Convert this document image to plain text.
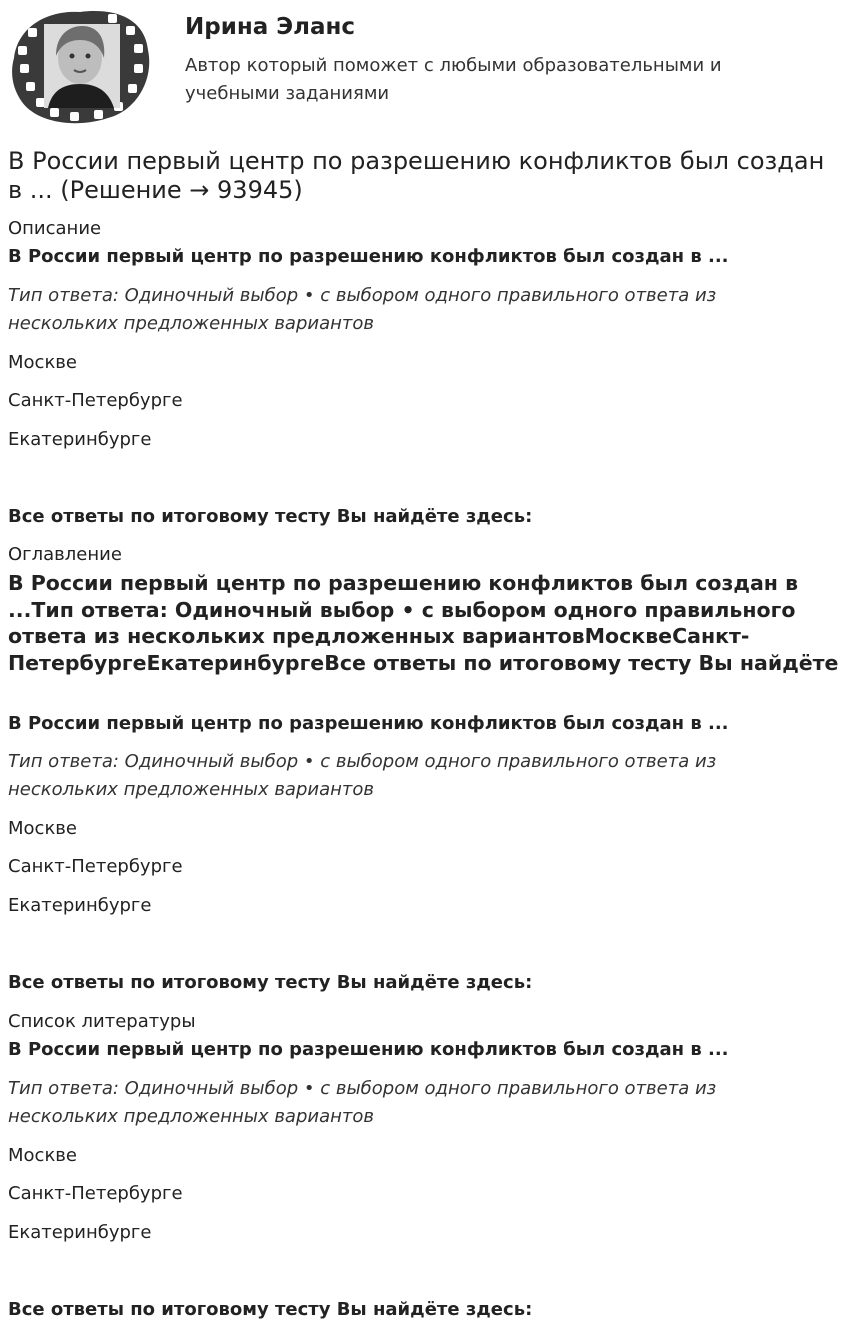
Ирина Эланс

Автор который поможет с любыми образовательными и учебными заданиями

В России первый центр по разрешению конфликтов был создан в ... (Решение → 93945)

Описание

В России первый центр по разрешению конфликтов был создан в ...

Тип ответа: Одиночный выбор • с выбором одного правильного ответа из нескольких предложенных вариантов

Москве

Санкт-Петербурге

Екатеринбурге

Все ответы по итоговому тесту Вы найдёте здесь:

Оглавление

В России первый центр по разрешению конфликтов был создан в ...Тип ответа: Одиночный выбор • с выбором одного правильного ответа из нескольких предложенных вариантовМосквеСанкт-ПетербургеЕкатеринбургеВсе ответы по итоговому тесту Вы найдёте

В России первый центр по разрешению конфликтов был создан в ...

Тип ответа: Одиночный выбор • с выбором одного правильного ответа из нескольких предложенных вариантов

Москве

Санкт-Петербурге

Екатеринбурге

Все ответы по итоговому тесту Вы найдёте здесь:

Список литературы

В России первый центр по разрешению конфликтов был создан в ...

Тип ответа: Одиночный выбор • с выбором одного правильного ответа из нескольких предложенных вариантов

Москве

Санкт-Петербурге

Екатеринбурге

Все ответы по итоговому тесту Вы найдёте здесь:
